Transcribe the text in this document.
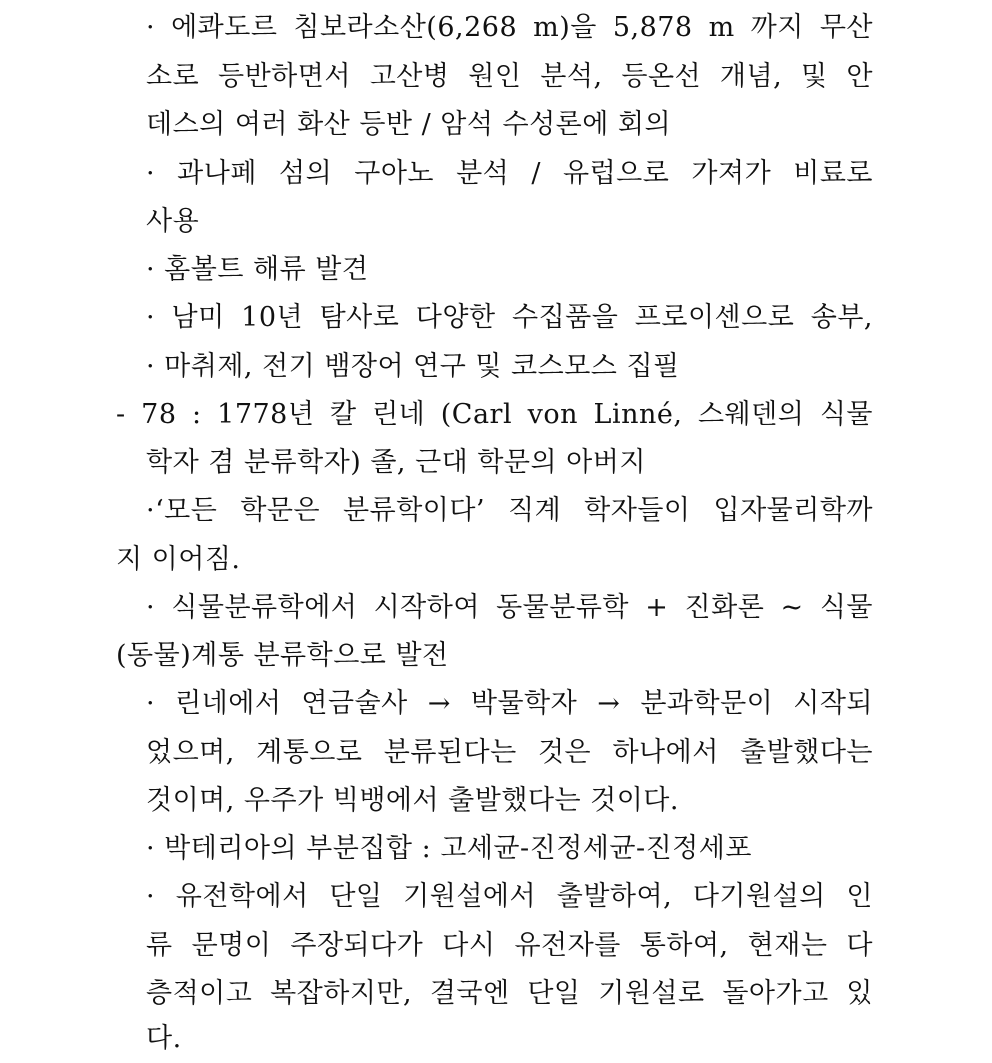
· 에콰도르 침보라소산(6,268 m)을 5,878 m 까지 무산
소로 등반하면서 고산병 원인 분석, 등온선 개념, 및 안
데스의 여러 화산 등반 / 암석 수성론에 회의
· 과나페 섬의 구아노 분석 / 유럽으로 가져가 비료로
사용
· 홈볼트 해류 발견
· 남미 10년 탐사로 다양한 수집품을 프로이센으로 송부,
· 마취제, 전기 뱀장어 연구 및 코스모스 집필
- 78 : 1778년 칼 린네 (Carl von Linné, 스웨덴의 식물
학자 겸 분류학자) 졸, 근대 학문의 아버지
·‘모든 학문은 분류학이다’ 직계 학자들이 입자물리학까
지 이어짐.
· 식물분류학에서 시작하여 동물분류학 + 진화론 ~ 식물
(동물)계통 분류학으로 발전
· 린네에서 연금술사 → 박물학자 → 분과학문이 시작되
었으며, 계통으로 분류된다는 것은 하나에서 출발했다는
것이며, 우주가 빅뱅에서 출발했다는 것이다.
· 박테리아의 부분집합 : 고세균-진정세균-진정세포
· 유전학에서 단일 기원설에서 출발하여, 다기원설의 인
류 문명이 주장되다가 다시 유전자를 통하여, 현재는 다
층적이고 복잡하지만, 결국엔 단일 기원설로 돌아가고 있
다.
